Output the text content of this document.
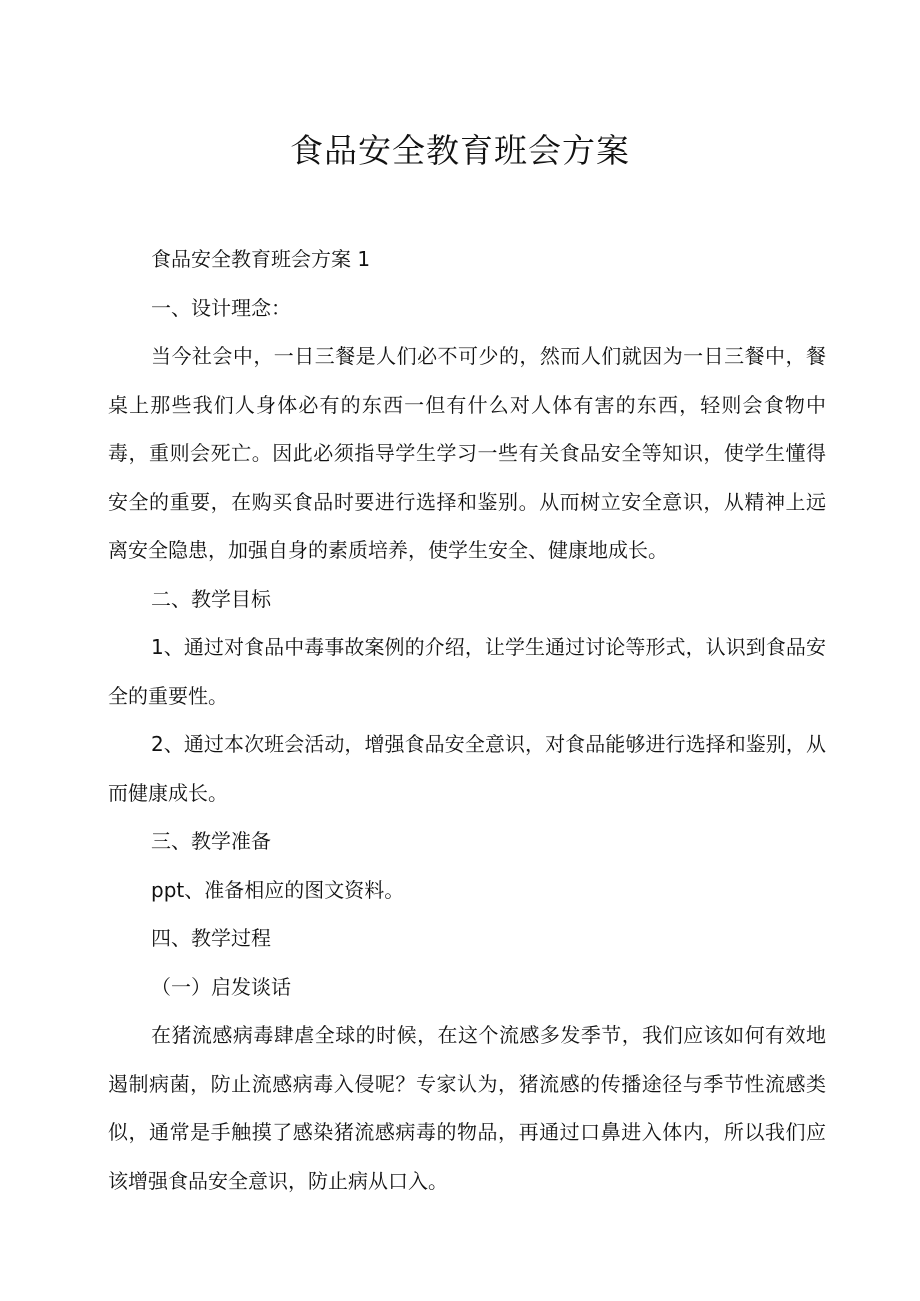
食品安全教育班会方案

食品安全教育班会方案 1

一、设计理念：

当今社会中，一日三餐是人们必不可少的，然而人们就因为一日三餐中，餐桌上那些我们人身体必有的东西一但有什么对人体有害的东西，轻则会食物中毒，重则会死亡。因此必须指导学生学习一些有关食品安全等知识，使学生懂得安全的重要，在购买食品时要进行选择和鉴别。从而树立安全意识，从精神上远离安全隐患，加强自身的素质培养，使学生安全、健康地成长。

二、教学目标

1、通过对食品中毒事故案例的介绍，让学生通过讨论等形式，认识到食品安全的重要性。

2、通过本次班会活动，增强食品安全意识，对食品能够进行选择和鉴别，从而健康成长。

三、教学准备

ppt、准备相应的图文资料。

四、教学过程

（一）启发谈话

在猪流感病毒肆虐全球的时候，在这个流感多发季节，我们应该如何有效地遏制病菌，防止流感病毒入侵呢？专家认为，猪流感的传播途径与季节性流感类似，通常是手触摸了感染猪流感病毒的物品，再通过口鼻进入体内，所以我们应该增强食品安全意识，防止病从口入。
